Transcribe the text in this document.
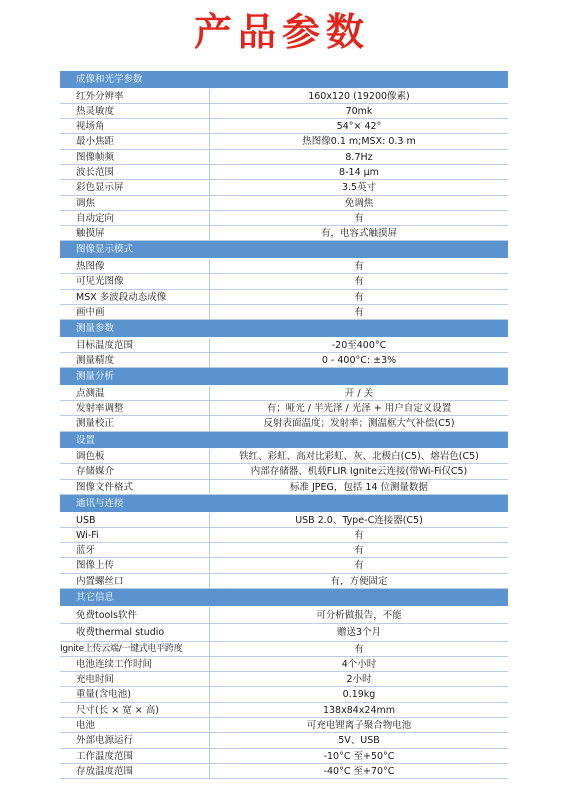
产品参数
成像和光学参数
红外分辨率	160x120 (19200像素)
热灵敏度	70mk
视场角	54°× 42°
最小焦距	热图像0.1 m;MSX: 0.3 m
图像帧频	8.7Hz
波长范围	8-14 µm
彩色显示屏	3.5英寸
调焦	免调焦
自动定向	有
触摸屏	有，电容式触摸屏
图像显示模式
热图像	有
可见光图像	有
MSX 多波段动态成像	有
画中画	有
测量参数
目标温度范围	-20至400°C
测量精度	0 - 400°C: ±3%
测量分析
点测温	开 / 关
发射率调整	有；哑光 / 半光泽 / 光泽 + 用户自定义设置
测量校正	反射表面温度；发射率；测温框大气补偿(C5)
设置
调色板	铁红、彩虹、高对比彩虹、灰、北极白(C5)、熔岩色(C5)
存储媒介	内部存储器、机载FLIR Ignite云连接(带Wi-Fi仅C5)
图像文件格式	标准 JPEG，包括 14 位测量数据
通讯与连接
USB	USB 2.0、Type-C连接器(C5)
Wi-Fi	有
蓝牙	有
图像上传	有
内置螺丝口	有，方便固定
其它信息
免费tools软件	可分析做报告，不能
收费thermal studio	赠送3个月
Ignite上传云端/一键式电平跨度	有
电池连续工作时间	4个小时
充电时间	2小时
重量(含电池)	0.19kg
尺寸(长 × 宽 × 高)	138x84x24mm
电池	可充电锂离子聚合物电池
外部电源运行	5V、USB
工作温度范围	-10°C 至+50°C
存放温度范围	-40°C 至+70°C
